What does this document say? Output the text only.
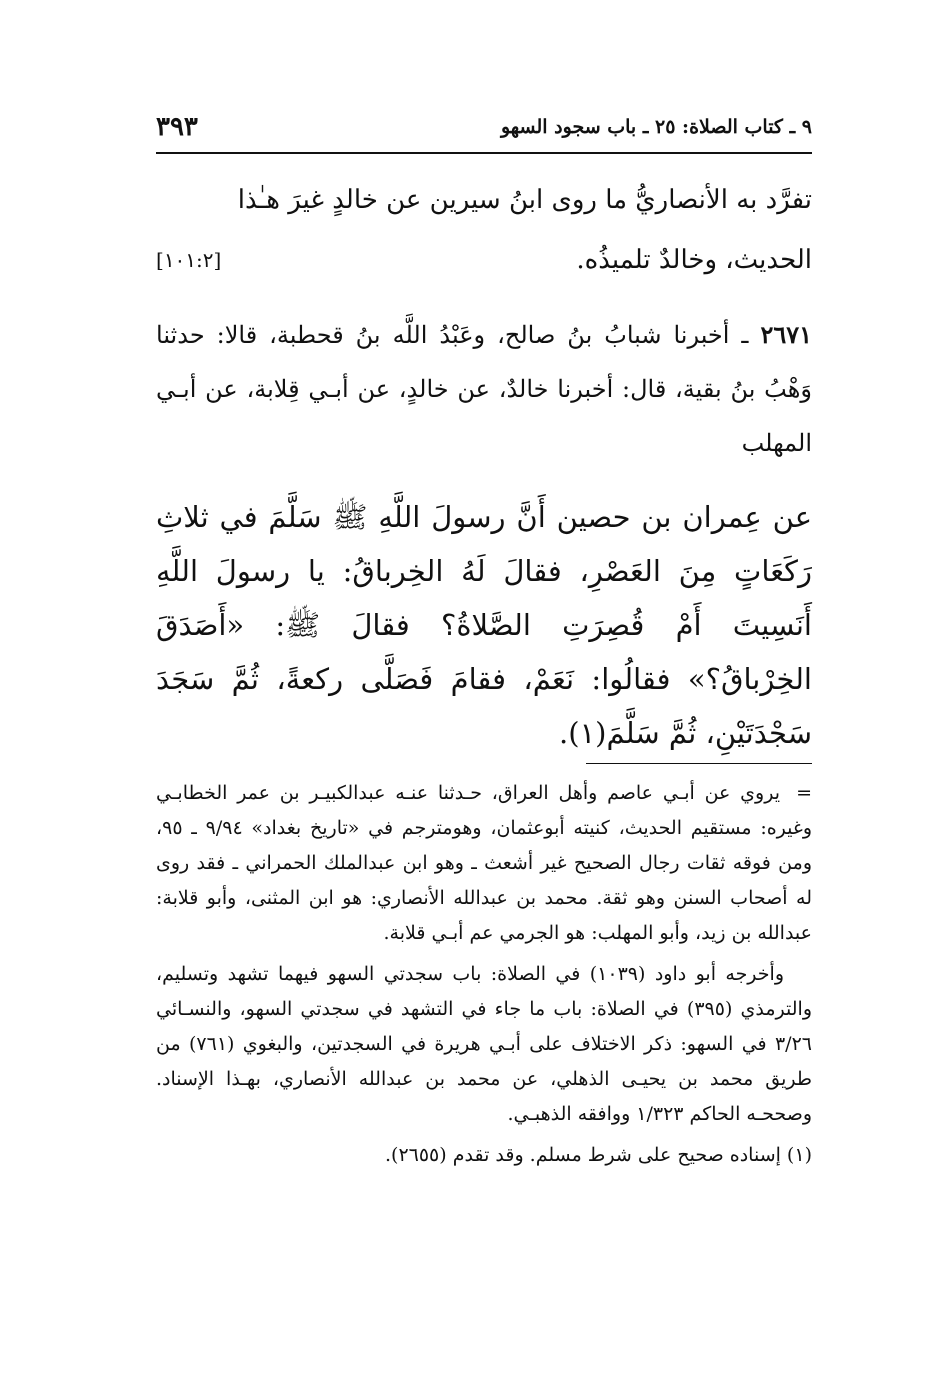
٩ ـ كتاب الصلاة: ٢٥ ـ باب سجود السهو
٣٩٣
تفرَّد به الأنصاريُّ ما روى ابنُ سيرين عن خالدٍ غيرَ هـٰذا
الحديث، وخالدٌ تلميذُه.
[١٠١:٢]
٢٦٧١ ـ أخبرنا شبابُ بنُ صالح، وعَبْدُ اللَّه بنُ قحطبة، قالا: حدثنا وَهْبُ بنُ بقية، قال: أخبرنا خالدٌ، عن خالدٍ، عن أبـي قِلابة، عن أبـي المهلب
عن عِمران بن حصين أَنَّ رسولَ اللَّهِ ﷺ سَلَّمَ في ثلاثِ رَكَعَاتٍ مِنَ العَصْرِ، فقالَ لَهُ الخِرباقُ: يا رسولَ اللَّهِ أَنَسِيتَ أَمْ قُصِرَتِ الصَّلاةُ؟ فقالَ ﷺ: «أَصَدَقَ الخِرْباقُ؟» فقالُوا: نَعَمْ، فقامَ فَصَلَّى ركعةً، ثُمَّ سَجَدَ سَجْدَتَيْنِ، ثُمَّ سَلَّمَ(١).

=يروي عن أبـي عاصم وأهل العراق، حـدثنا عنـه عبدالكبيـر بن عمر الخطابـي وغيره: مستقيم الحديث، كنيته أبوعثمان، وهومترجم في «تاريخ بغداد» ٩/٩٤ ـ ٩٥، ومن فوقه ثقات رجال الصحيح غير أشعث ـ وهو ابن عبدالملك الحمراني ـ فقد روى له أصحاب السنن وهو ثقة. محمد بن عبدالله الأنصاري: هو ابن المثنى، وأبو قلابة: عبدالله بن زيد، وأبو المهلب: هو الجرمي عم أبـي قلابة.

وأخرجه أبو داود (١٠٣٩) في الصلاة: باب سجدتي السهو فيهما تشهد وتسليم، والترمذي (٣٩٥) في الصلاة: باب ما جاء في التشهد في سجدتي السهو، والنسـائي ٣/٢٦ في السهو: ذكر الاختلاف على أبـي هريرة في السجدتين، والبغوي (٧٦١) من طريق محمد بن يحيـى الذهلي، عن محمد بن عبدالله الأنصاري، بهـذا الإسناد. وصححـه الحاكم ١/٣٢٣ ووافقه الذهبـي.

(١) إسناده صحيح على شرط مسلم. وقد تقدم (٢٦٥٥).
